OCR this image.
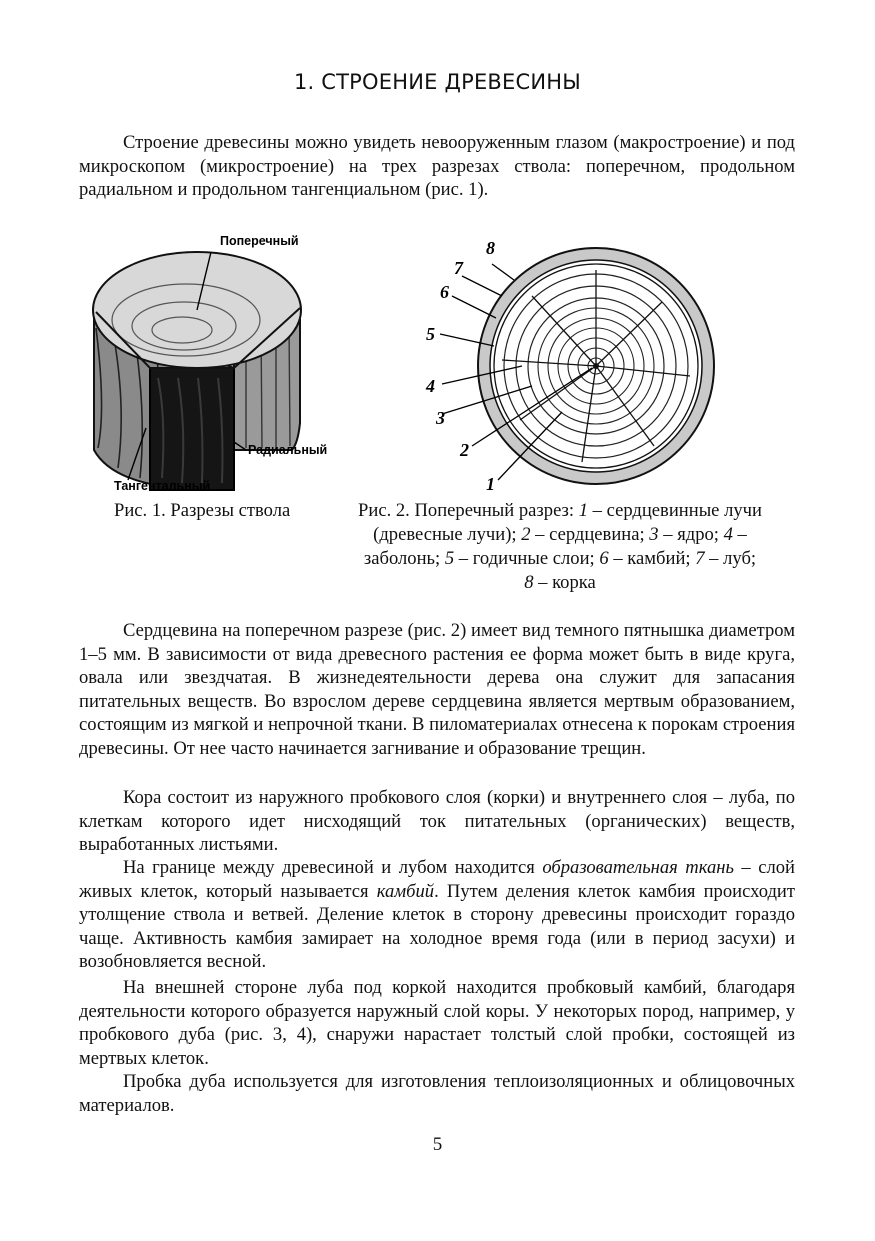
1. СТРОЕНИЕ ДРЕВЕСИНЫ

Строение древесины можно увидеть невооруженным глазом (макростроение) и под микроскопом (микростроение) на трех разрезах ствола: поперечном, продольном радиальном и продольном тангенциальном (рис. 1).

Поперечный
Радиальный
Тангентальный
Рис. 1. Разрезы ствола
8
7
6
5
4
3
2
1
Рис. 2. Поперечный разрез: 1 – сердцевинные лучи (древесные лучи); 2 – сердцевина; 3 – ядро; 4 – заболонь; 5 – годичные слои; 6 – камбий; 7 – луб; 8 – корка

Сердцевина на поперечном разрезе (рис. 2) имеет вид темного пятнышка диаметром 1–5 мм. В зависимости от вида древесного растения ее форма может быть в виде круга, овала или звездчатая. В жизнедеятельности дерева она служит для запасания питательных веществ. Во взрослом дереве сердцевина является мертвым образованием, состоящим из мягкой и непрочной ткани. В пиломатериалах отнесена к порокам строения древесины. От нее часто начинается загнивание и образование трещин.

Кора состоит из наружного пробкового слоя (корки) и внутреннего слоя – луба, по клеткам которого идет нисходящий ток питательных (органических) веществ, выработанных листьями.

На границе между древесиной и лубом находится образовательная ткань – слой живых клеток, который называется камбий. Путем деления клеток камбия происходит утолщение ствола и ветвей. Деление клеток в сторону древесины происходит гораздо чаще. Активность камбия замирает на холодное время года (или в период засухи) и возобновляется весной.

На внешней стороне луба под коркой находится пробковый камбий, благодаря деятельности которого образуется наружный слой коры. У некоторых пород, например, у пробкового дуба (рис. 3, 4), снаружи нарастает толстый слой пробки, состоящей из мертвых клеток.

Пробка дуба используется для изготовления теплоизоляционных и облицовочных материалов.

5
